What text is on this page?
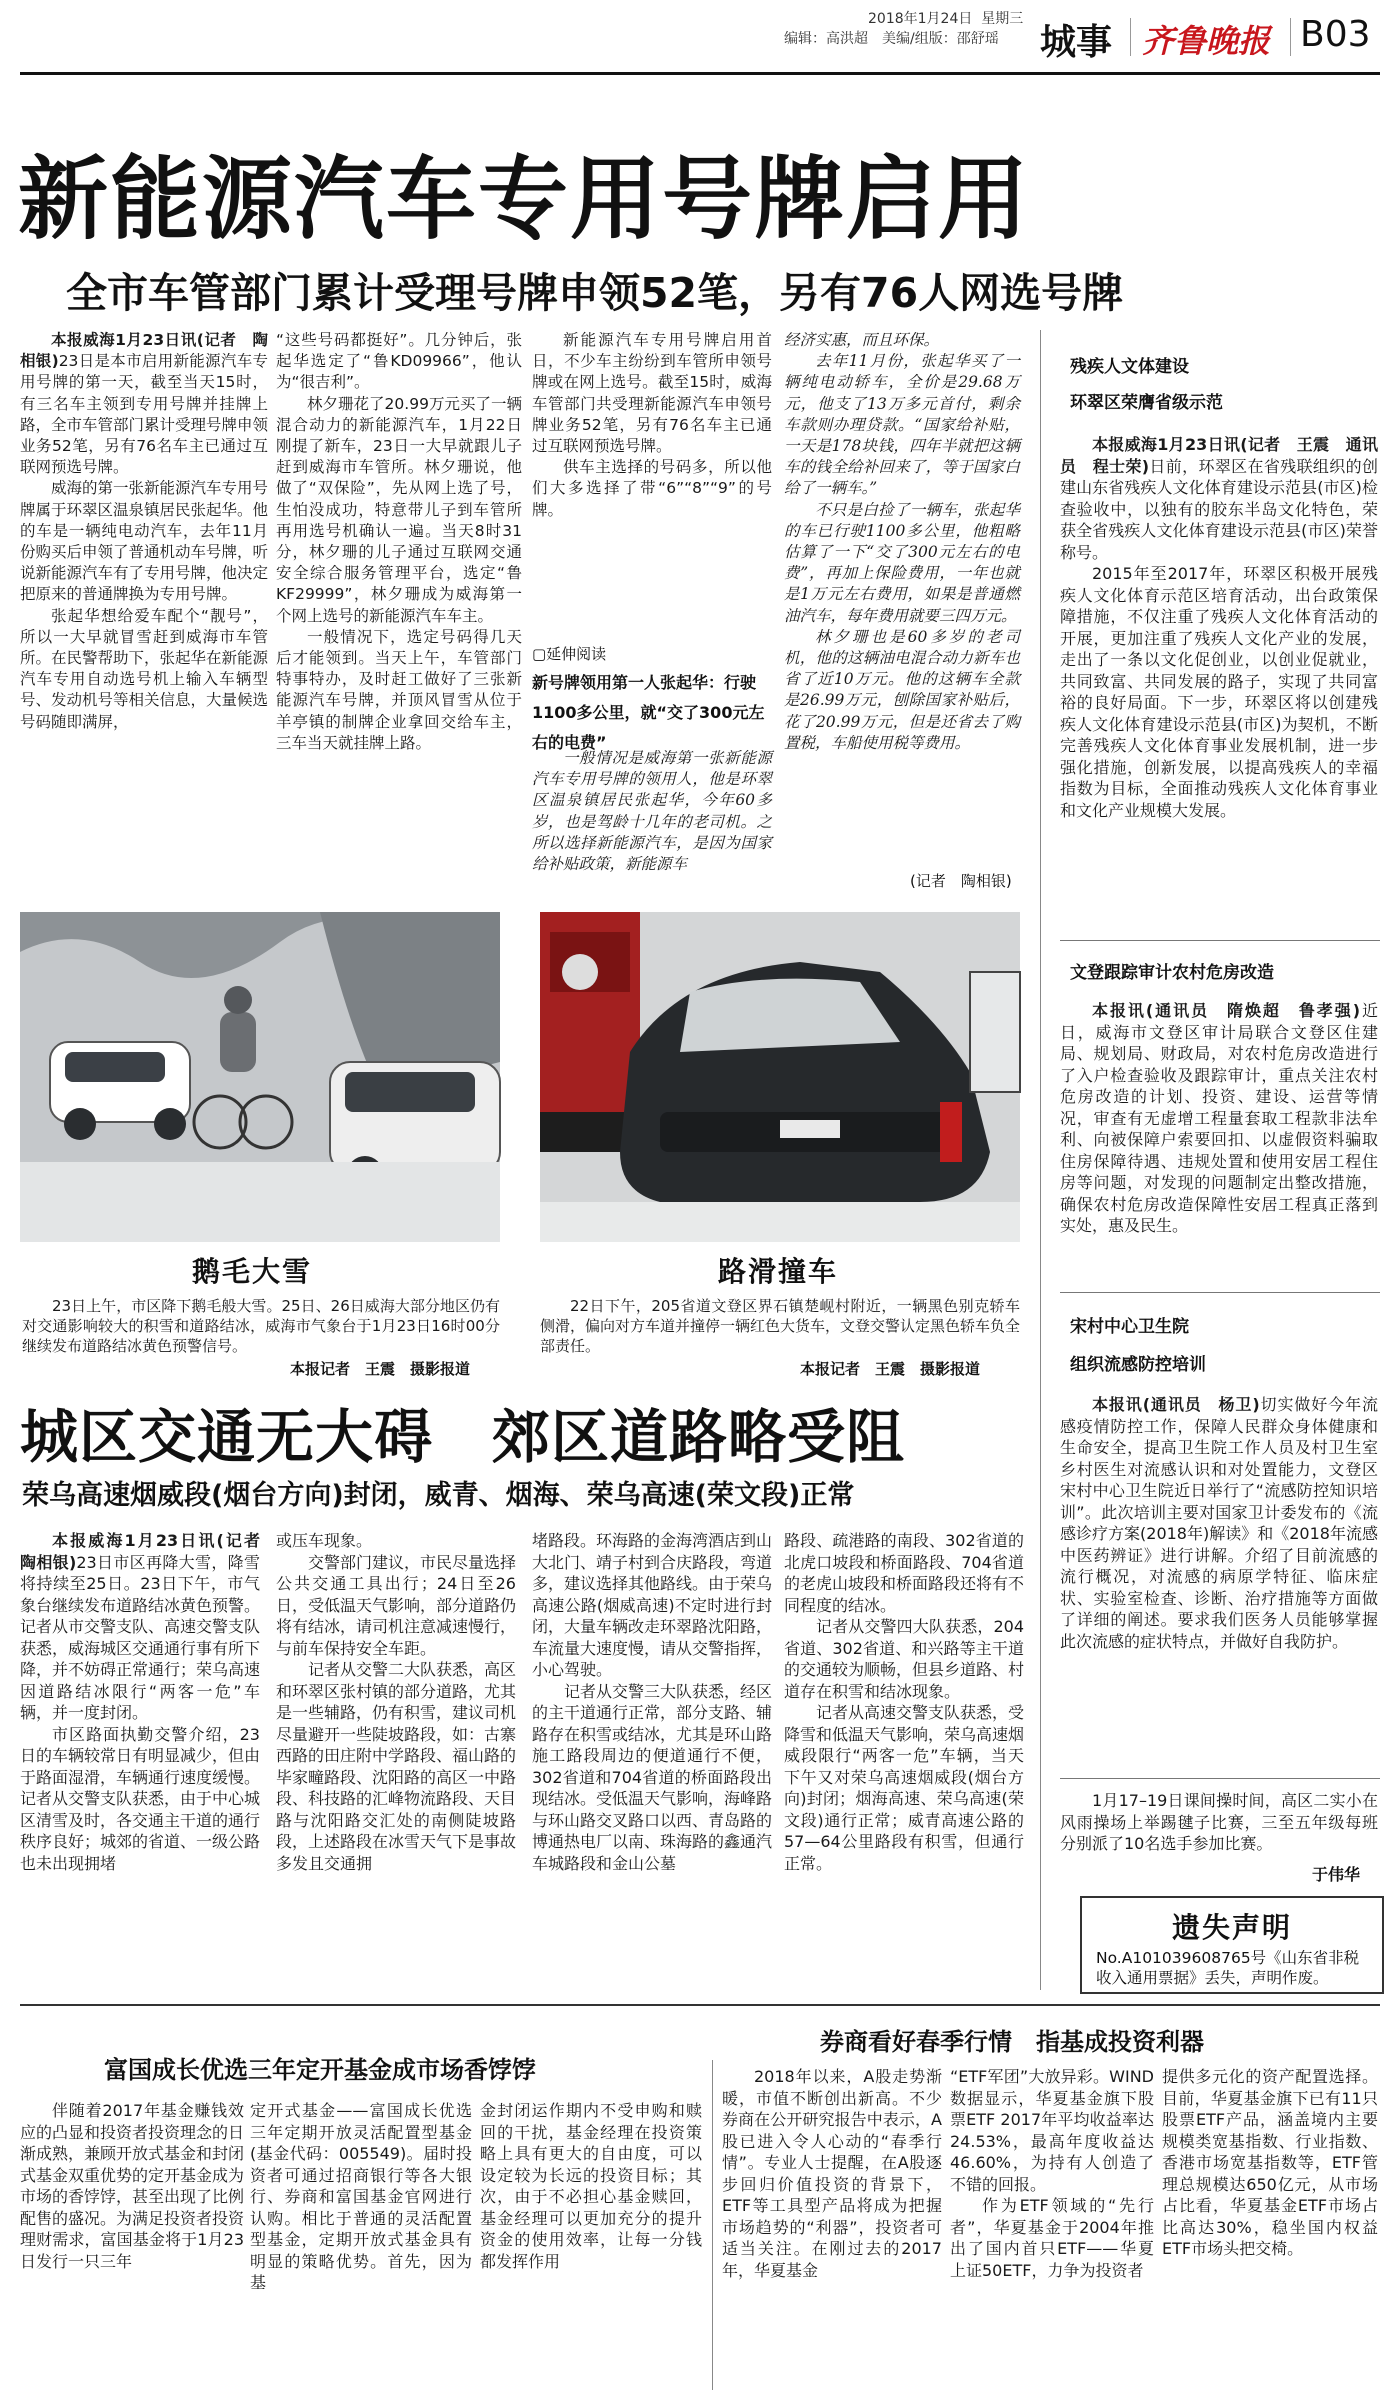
2018年1月24日 星期三
编辑：高洪超　美编/组版：邵舒瑶 城事 齐鲁晚报 B03
新能源汽车专用号牌启用
全市车管部门累计受理号牌申领52笔，另有76人网选号牌

本报威海1月23日讯(记者　陶相银)23日是本市启用新能源汽车专用号牌的第一天，截至当天15时，有三名车主领到专用号牌并挂牌上路，全市车管部门累计受理号牌申领业务52笔，另有76名车主已通过互联网预选号牌。

威海的第一张新能源汽车专用号牌属于环翠区温泉镇居民张起华。他的车是一辆纯电动汽车，去年11月份购买后申领了普通机动车号牌，听说新能源汽车有了专用号牌，他决定把原来的普通牌换为专用号牌。

张起华想给爱车配个“靓号”，所以一大早就冒雪赶到威海市车管所。在民警帮助下，张起华在新能源汽车专用自动选号机上输入车辆型号、发动机号等相关信息，大量候选号码随即满屏，

“这些号码都挺好”。几分钟后，张起华选定了“鲁KD09966”，他认为“很吉利”。

林夕珊花了20.99万元买了一辆混合动力的新能源汽车，1月22日刚提了新车，23日一大早就跟儿子赶到威海市车管所。林夕珊说，他做了“双保险”，先从网上选了号，生怕没成功，特意带儿子到车管所再用选号机确认一遍。当天8时31分，林夕珊的儿子通过互联网交通安全综合服务管理平台，选定“鲁KF29999”，林夕珊成为威海第一个网上选号的新能源汽车车主。

一般情况下，选定号码得几天后才能领到。当天上午，车管部门特事特办，及时赶工做好了三张新能源汽车号牌，并顶风冒雪从位于羊亭镇的制牌企业拿回交给车主，三车当天就挂牌上路。

新能源汽车专用号牌启用首日，不少车主纷纷到车管所申领号牌或在网上选号。截至15时，威海车管部门共受理新能源汽车申领号牌业务52笔，另有76名车主已通过互联网预选号牌。

供车主选择的号码多，所以他们大多选择了带“6”“8”“9”的号牌。

▢延伸阅读
新号牌领用第一人张起华：行驶1100多公里，就“交了300元左右的电费”

一般情况是威海第一张新能源汽车专用号牌的领用人，他是环翠区温泉镇居民张起华，今年60多岁，也是驾龄十几年的老司机。之所以选择新能源汽车，是因为国家给补贴政策，新能源车

经济实惠，而且环保。

去年11月份，张起华买了一辆纯电动轿车，全价是29.68万元，他支了13万多元首付，剩余车款则办理贷款。“国家给补贴，一天是178块钱，四年半就把这辆车的钱全给补回来了，等于国家白给了一辆车。”

不只是白捡了一辆车，张起华的车已行驶1100多公里，他粗略估算了一下“交了300元左右的电费”，再加上保险费用，一年也就是1万元左右费用，如果是普通燃油汽车，每年费用就要三四万元。

林夕珊也是60多岁的老司机，他的这辆油电混合动力新车也省了近10万元。他的这辆车全款是26.99万元，刨除国家补贴后，花了20.99万元，但是还省去了购置税，车船使用税等费用。

(记者　陶相银)
鹅毛大雪
23日上午，市区降下鹅毛般大雪。25日、26日威海大部分地区仍有对交通影响较大的积雪和道路结冰，威海市气象台于1月23日16时00分继续发布道路结冰黄色预警信号。
本报记者　王震　摄影报道
路滑撞车
22日下午，205省道文登区界石镇楚岘村附近，一辆黑色别克轿车侧滑，偏向对方车道并撞停一辆红色大货车，文登交警认定黑色轿车负全部责任。
本报记者　王震　摄影报道
城区交通无大碍　郊区道路略受阻
荣乌高速烟威段(烟台方向)封闭，威青、烟海、荣乌高速(荣文段)正常

本报威海1月23日讯(记者　陶相银)23日市区再降大雪，降雪将持续至25日。23日下午，市气象台继续发布道路结冰黄色预警。记者从市交警支队、高速交警支队获悉，威海城区交通通行事有所下降，并不妨碍正常通行；荣乌高速因道路结冰限行“两客一危”车辆，并一度封闭。

市区路面执勤交警介绍，23日的车辆较常日有明显减少，但由于路面湿滑，车辆通行速度缓慢。记者从交警支队获悉，由于中心城区清雪及时，各交通主干道的通行秩序良好；城郊的省道、一级公路也未出现拥堵

或压车现象。

交警部门建议，市民尽量选择公共交通工具出行；24日至26日，受低温天气影响，部分道路仍将有结冰，请司机注意减速慢行，与前车保持安全车距。

记者从交警二大队获悉，高区和环翠区张村镇的部分道路，尤其是一些辅路，仍有积雪，建议司机尽量避开一些陡坡路段，如：古寨西路的田庄附中学路段、福山路的毕家疃路段、沈阳路的高区一中路段、科技路的汇峰物流路段、天目路与沈阳路交汇处的南侧陡坡路段，上述路段在冰雪天气下是事故多发且交通拥

堵路段。环海路的金海湾酒店到山大北门、靖子村到合庆路段，弯道多，建议选择其他路线。由于荣乌高速公路(烟威高速)不定时进行封闭，大量车辆改走环翠路沈阳路，车流量大速度慢，请从交警指挥，小心驾驶。

记者从交警三大队获悉，经区的主干道通行正常，部分支路、辅路存在积雪或结冰，尤其是环山路施工路段周边的便道通行不便，302省道和704省道的桥面路段出现结冰。受低温天气影响，海峰路与环山路交叉路口以西、青岛路的博通热电厂以南、珠海路的鑫通汽车城路段和金山公墓

路段、疏港路的南段、302省道的北虎口坡段和桥面路段、704省道的老虎山坡段和桥面路段还将有不同程度的结冰。

记者从交警四大队获悉，204省道、302省道、和兴路等主干道的交通较为顺畅，但县乡道路、村道存在积雪和结冰现象。

记者从高速交警支队获悉，受降雪和低温天气影响，荣乌高速烟威段限行“两客一危”车辆，当天下午又对荣乌高速烟威段(烟台方向)封闭；烟海高速、荣乌高速(荣文段)通行正常；威青高速公路的57—64公里路段有积雪，但通行正常。

残疾人文体建设
环翠区荣膺省级示范

本报威海1月23日讯(记者　王震　通讯员　程士荣)日前，环翠区在省残联组织的创建山东省残疾人文化体育建设示范县(市区)检查验收中，以独有的胶东半岛文化特色，荣获全省残疾人文化体育建设示范县(市区)荣誉称号。

2015年至2017年，环翠区积极开展残疾人文化体育示范区培育活动，出台政策保障措施，不仅注重了残疾人文化体育活动的开展，更加注重了残疾人文化产业的发展，走出了一条以文化促创业，以创业促就业，共同致富、共同发展的路子，实现了共同富裕的良好局面。下一步，环翠区将以创建残疾人文化体育建设示范县(市区)为契机，不断完善残疾人文化体育事业发展机制，进一步强化措施，创新发展，以提高残疾人的幸福指数为目标，全面推动残疾人文化体育事业和文化产业规模大发展。

文登跟踪审计农村危房改造

本报讯(通讯员　隋焕超　鲁孝强)近日，威海市文登区审计局联合文登区住建局、规划局、财政局，对农村危房改造进行了入户检查验收及跟踪审计，重点关注农村危房改造的计划、投资、建设、运营等情况，审查有无虚增工程量套取工程款非法牟利、向被保障户索要回扣、以虚假资料骗取住房保障待遇、违规处置和使用安居工程住房等问题，对发现的问题制定出整改措施，确保农村危房改造保障性安居工程真正落到实处，惠及民生。

宋村中心卫生院
组织流感防控培训

本报讯(通讯员　杨卫)切实做好今年流感疫情防控工作，保障人民群众身体健康和生命安全，提高卫生院工作人员及村卫生室乡村医生对流感认识和对处置能力，文登区宋村中心卫生院近日举行了“流感防控知识培训”。此次培训主要对国家卫计委发布的《流感诊疗方案(2018年)解读》和《2018年流感中医药辨证》进行讲解。介绍了目前流感的流行概况，对流感的病原学特征、临床症状、实验室检查、诊断、治疗措施等方面做了详细的阐述。要求我们医务人员能够掌握此次流感的症状特点，并做好自我防护。

1月17–19日课间操时间，高区二实小在风雨操场上举踢毽子比赛，三至五年级每班分别派了10名选手参加比赛。

于伟华
遗失声明
No.A101039608765号《山东省非税收入通用票据》丢失，声明作废。
富国成长优选三年定开基金成市场香饽饽
券商看好春季行情　指基成投资利器

伴随着2017年基金赚钱效应的凸显和投资者投资理念的日渐成熟，兼顾开放式基金和封闭式基金双重优势的定开基金成为市场的香饽饽，甚至出现了比例配售的盛况。为满足投资者投资理财需求，富国基金将于1月23日发行一只三年

定开式基金——富国成长优选三年定期开放灵活配置型基金(基金代码：005549)。届时投资者可通过招商银行等各大银行、券商和富国基金官网进行认购。相比于普通的灵活配置型基金，定期开放式基金具有明显的策略优势。首先，因为基

金封闭运作期内不受申购和赎回的干扰，基金经理在投资策略上具有更大的自由度，可以设定较为长远的投资目标；其次，由于不必担心基金赎回，基金经理可以更加充分的提升资金的使用效率，让每一分钱都发挥作用

2018年以来，A股走势渐暖，市值不断创出新高。不少券商在公开研究报告中表示，A股已进入令人心动的“春季行情”。专业人士提醒，在A股逐步回归价值投资的背景下，ETF等工具型产品将成为把握市场趋势的“利器”，投资者可适当关注。在刚过去的2017年，华夏基金

“ETF军团”大放异彩。WIND数据显示，华夏基金旗下股票ETF 2017年平均收益率达24.53%，最高年度收益达46.60%，为持有人创造了不错的回报。

作为ETF领域的“先行者”，华夏基金于2004年推出了国内首只ETF——华夏上证50ETF，力争为投资者

提供多元化的资产配置选择。目前，华夏基金旗下已有11只股票ETF产品，涵盖境内主要规模类宽基指数、行业指数、香港市场宽基指数等，ETF管理总规模达650亿元，从市场占比看，华夏基金ETF市场占比高达30%，稳坐国内权益ETF市场头把交椅。
